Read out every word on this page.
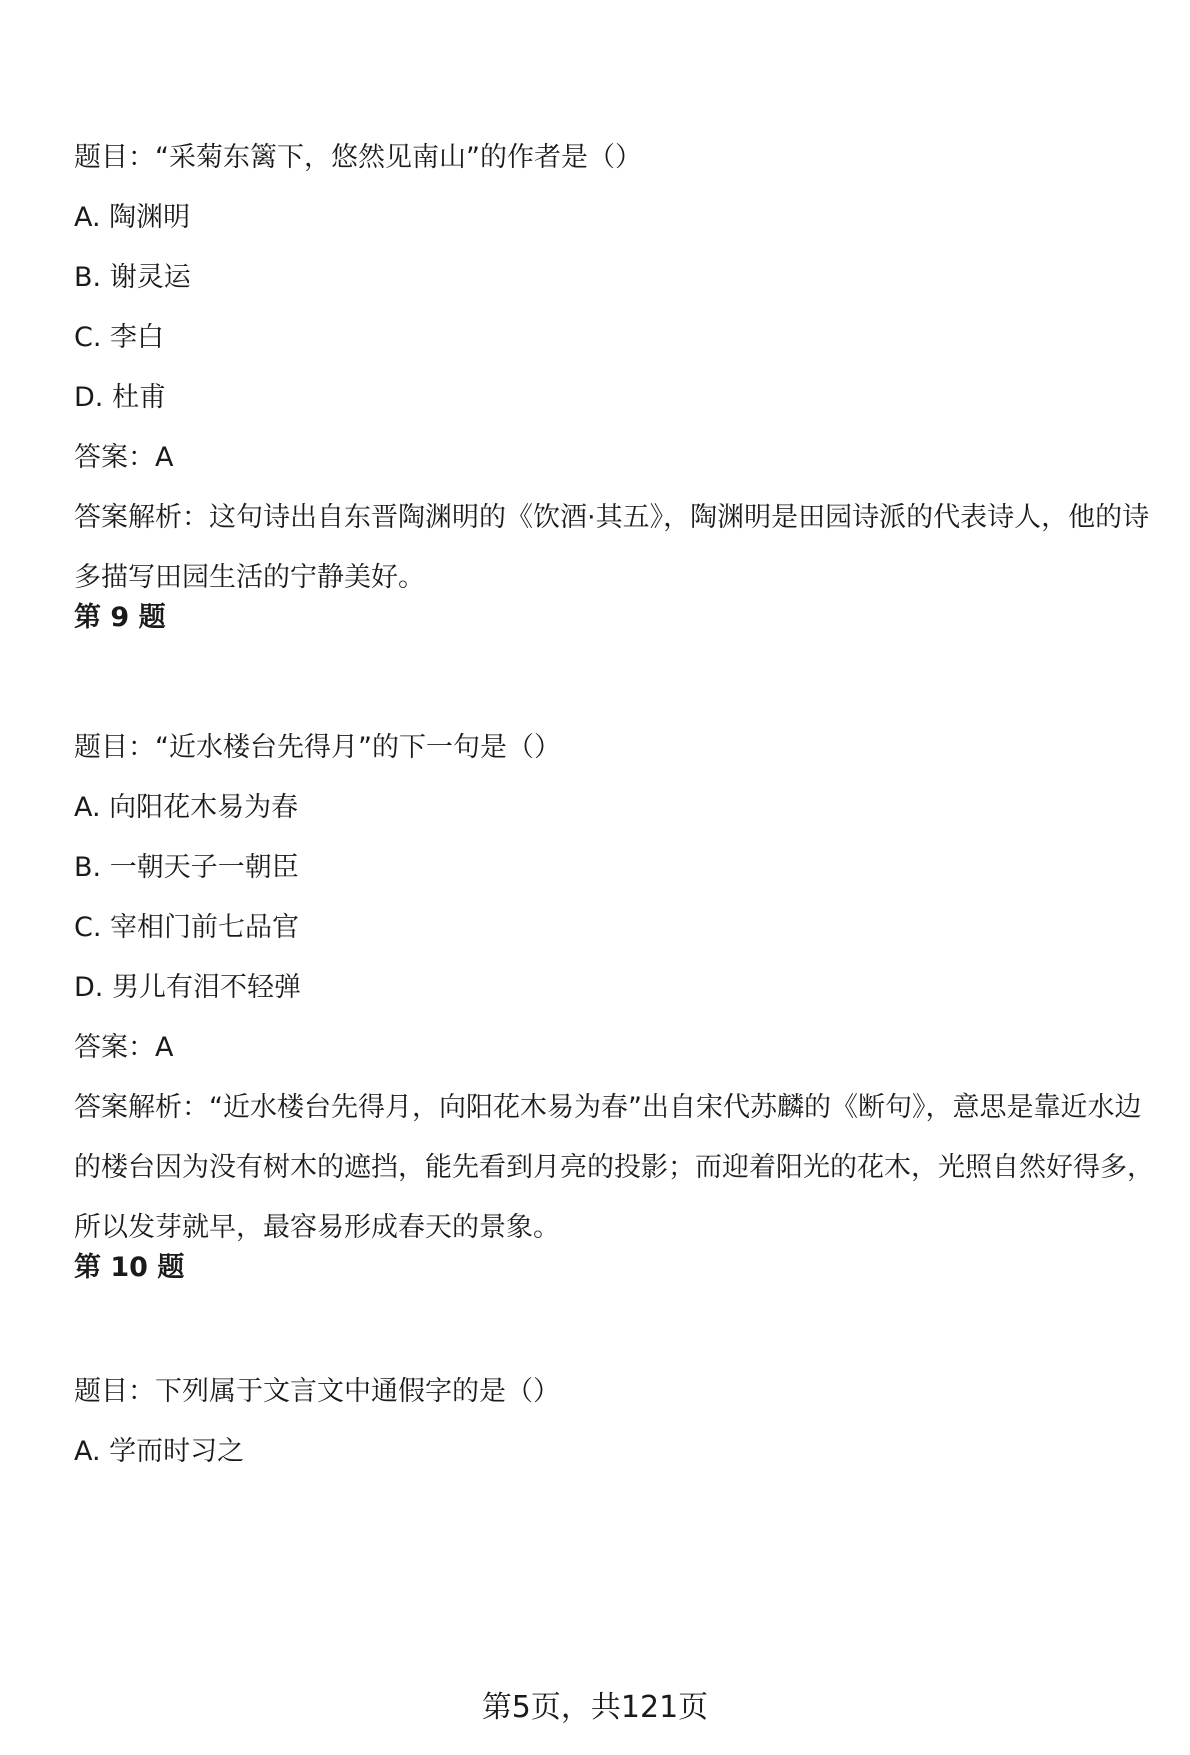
题目：“采菊东篱下，悠然见南山”的作者是（）
A. 陶渊明
B. 谢灵运
C. 李白
D. 杜甫
答案：A
答案解析：这句诗出自东晋陶渊明的《饮酒·其五》，陶渊明是田园诗派的代表诗人，他的诗多描写田园生活的宁静美好。
第 9 题
题目：“近水楼台先得月”的下一句是（）
A. 向阳花木易为春
B. 一朝天子一朝臣
C. 宰相门前七品官
D. 男儿有泪不轻弹
答案：A
答案解析：“近水楼台先得月，向阳花木易为春”出自宋代苏麟的《断句》，意思是靠近水边的楼台因为没有树木的遮挡，能先看到月亮的投影；而迎着阳光的花木，光照自然好得多，所以发芽就早，最容易形成春天的景象。
第 10 题
题目：下列属于文言文中通假字的是（）
A. 学而时习之
第5页，共121页
